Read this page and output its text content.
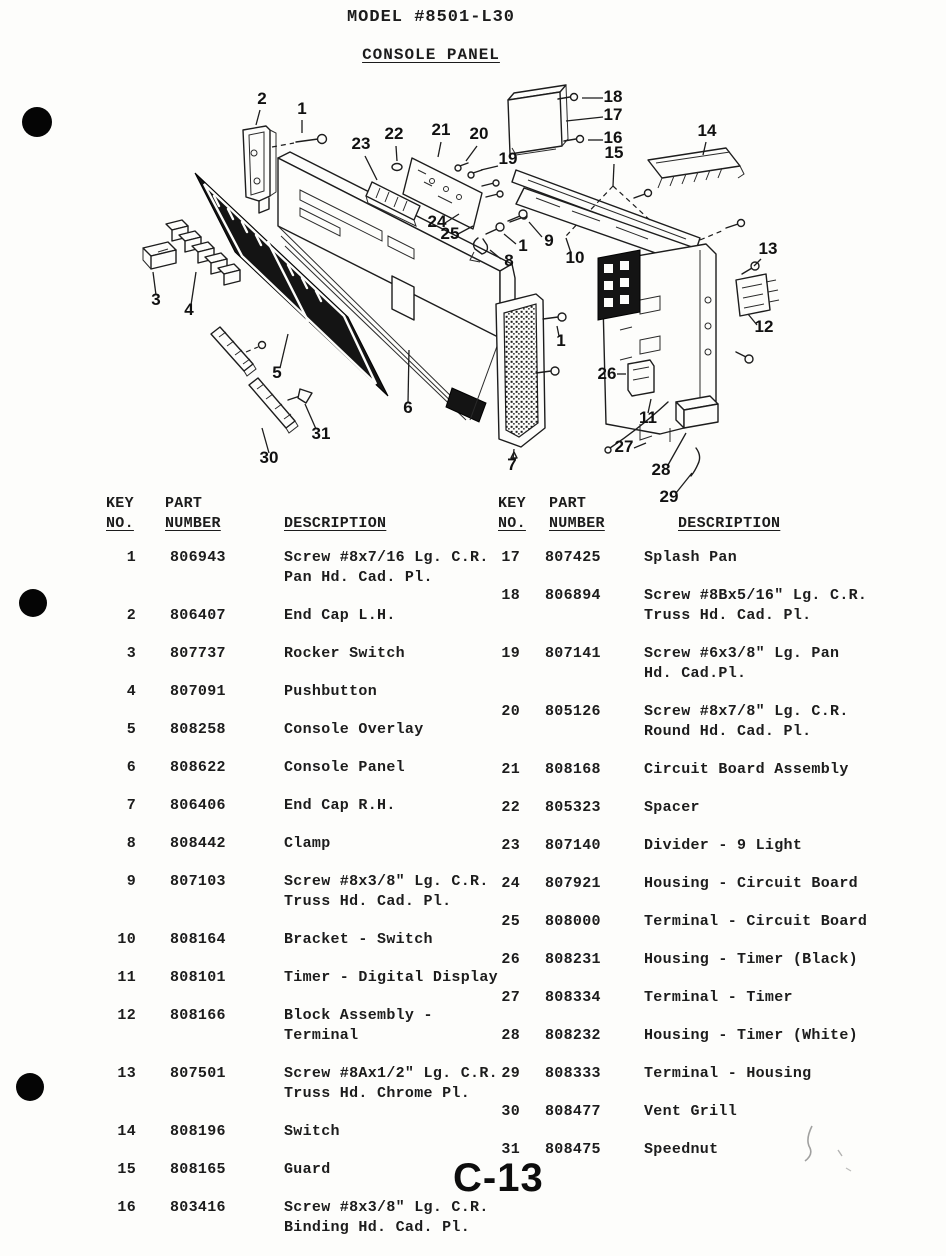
MODEL #8501-L30
CONSOLE PANEL
1
2
23
22 21 20
19
18
17
16
15
14
24
25
1 9
8	10	13
12
26
11
27
28
29
3
4
5
6
30
31
7
1
KEY
NO.
PART
NUMBER	DESCRIPTION
1 806943	Screw #8x7/16 Lg. C.R.
Pan Hd. Cad. Pl.
2 806407	End Cap L.H.
3 807737	Rocker Switch
4 807091	Pushbutton
5 808258	Console Overlay
6 808622	Console Panel
7 806406	End Cap R.H.
8 808442	Clamp
9 807103	Screw #8x3/8" Lg. C.R.
Truss Hd. Cad. Pl.
10 808164	Bracket - Switch
11 808101	Timer - Digital Display
12 808166	Block Assembly - Terminal
13 807501	Screw #8Ax1/2" Lg. C.R.
Truss Hd. Chrome Pl.
14 808196	Switch
15 808165	Guard
16 803416	Screw #8x3/8" Lg. C.R.
Binding Hd. Cad. Pl.
KEY
NO.
PART
NUMBER	DESCRIPTION
17 807425	Splash Pan
18 806894	Screw #8Bx5/16" Lg. C.R.
Truss Hd. Cad. Pl.
19 807141	Screw #6x3/8" Lg. Pan
Hd. Cad.Pl.
20 805126	Screw #8x7/8" Lg. C.R.
Round Hd. Cad. Pl.
21 808168	Circuit Board Assembly
22 805323	Spacer
23 807140	Divider - 9 Light
24 807921	Housing - Circuit Board
25 808000	Terminal - Circuit Board
26 808231	Housing - Timer (Black)
27 808334	Terminal - Timer
28 808232	Housing - Timer (White)
29 808333	Terminal - Housing
30 808477	Vent Grill
31 808475	Speednut
C-13
